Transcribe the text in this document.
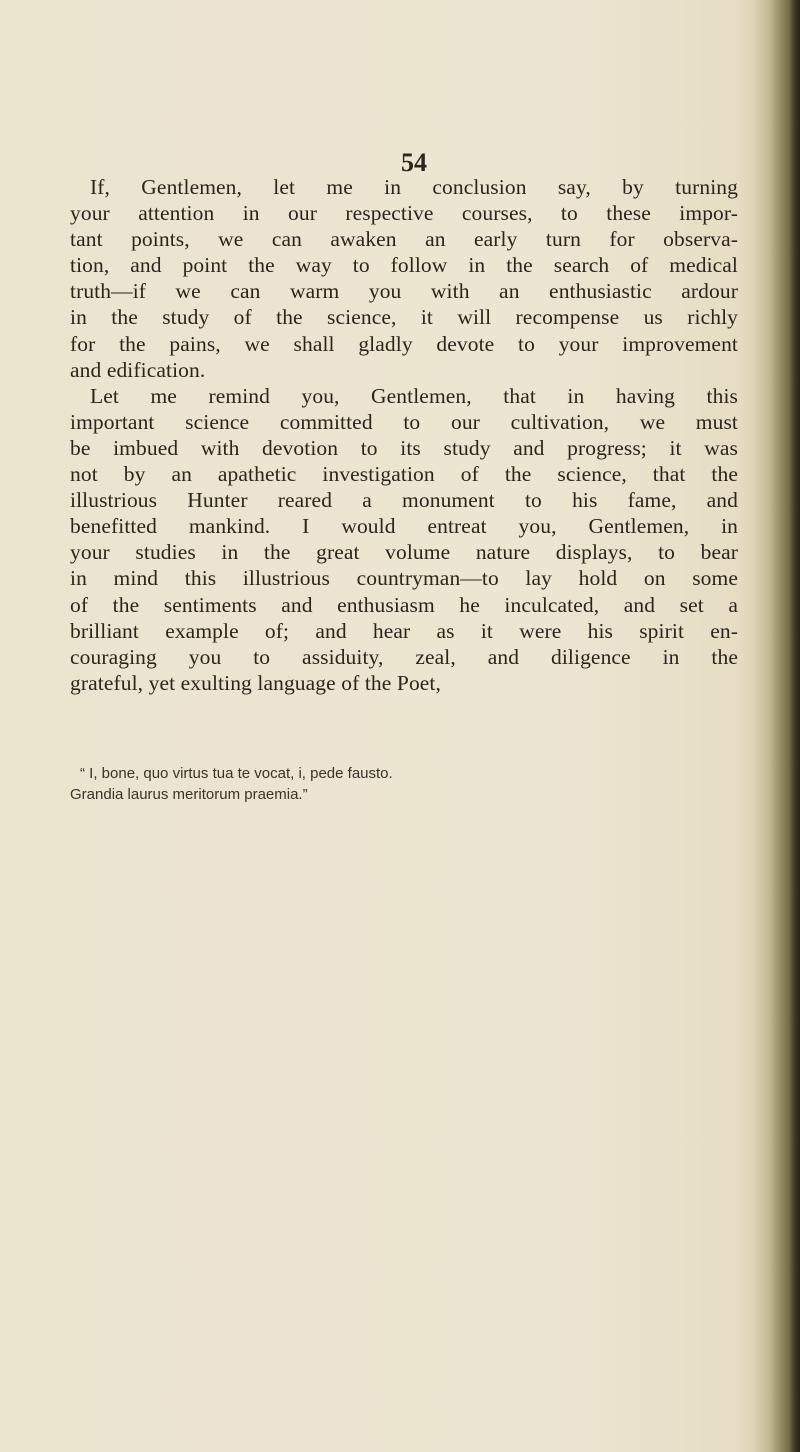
54
If, Gentlemen, let me in conclusion say, by turning
your attention in our respective courses, to these impor-
tant points, we can awaken an early turn for observa-
tion, and point the way to follow in the search of medical
truth—if we can warm you with an enthusiastic ardour
in the study of the science, it will recompense us richly
for the pains, we shall gladly devote to your improvement
and edification.
Let me remind you, Gentlemen, that in having this
important science committed to our cultivation, we must
be imbued with devotion to its study and progress; it was
not by an apathetic investigation of the science, that the
illustrious Hunter reared a monument to his fame, and
benefitted mankind. I would entreat you, Gentlemen, in
your studies in the great volume nature displays, to bear
in mind this illustrious countryman—to lay hold on some
of the sentiments and enthusiasm he inculcated, and set a
brilliant example of; and hear as it were his spirit en-
couraging you to assiduity, zeal, and diligence in the
grateful, yet exulting language of the Poet,
“ I, bone, quo virtus tua te vocat, i, pede fausto.
Grandia laurus meritorum praemia.”
